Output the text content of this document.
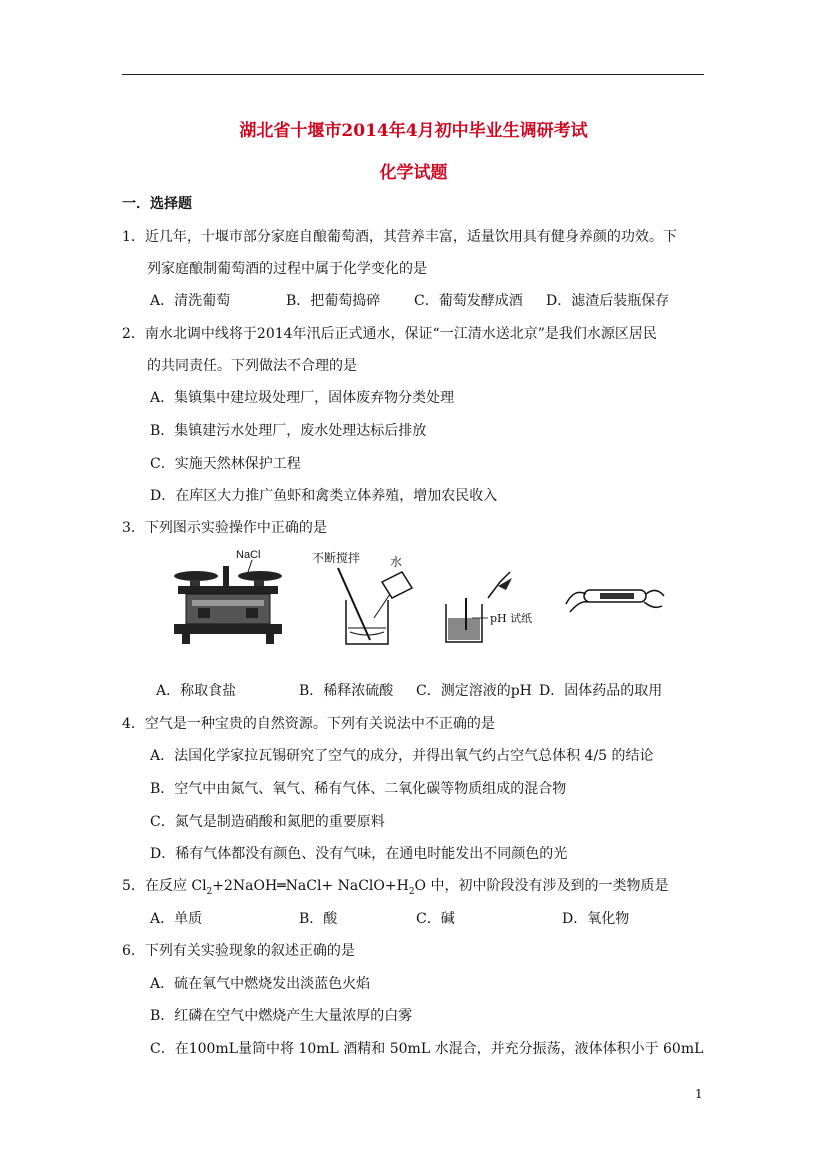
湖北省十堰市2014年4月初中毕业生调研考试
化学试题
一．选择题
1．近几年，十堰市部分家庭自酿葡萄酒，其营养丰富，适量饮用具有健身养颜的功效。下
列家庭酿制葡萄酒的过程中属于化学变化的是
A．清洗葡萄	B．把葡萄捣碎 C．葡萄发酵成酒 D．滤渣后装瓶保存
2．南水北调中线将于2014年汛后正式通水，保证“一江清水送北京”是我们水源区居民
的共同责任。下列做法不合理的是
A．集镇集中建垃圾处理厂，固体废弃物分类处理
B．集镇建污水处理厂，废水处理达标后排放
C．实施天然林保护工程
D．在库区大力推广鱼虾和禽类立体养殖，增加农民收入
3．下列图示实验操作中正确的是
NaCl	不断搅拌 水
pH 试纸
A．称取食盐	B．稀释浓硫酸 C．测定溶液的pH D．固体药品的取用
4．空气是一种宝贵的自然资源。下列有关说法中不正确的是
A．法国化学家拉瓦锡研究了空气的成分，并得出氧气约占空气总体积 4/5 的结论
B．空气中由氮气、氧气、稀有气体、二氧化碳等物质组成的混合物
C．氮气是制造硝酸和氮肥的重要原料
D．稀有气体都没有颜色、没有气味，在通电时能发出不同颜色的光
5．在反应 $Cl_2+2NaOH═NaCl+$ $NaClO+H_2O$ 中，初中阶段没有涉及到的一类物质是
A．单质	B．酸	C．碱	D．氧化物
6．下列有关实验现象的叙述正确的是
A．硫在氧气中燃烧发出淡蓝色火焰
B．红磷在空气中燃烧产生大量浓厚的白雾
C．在100mL量筒中将 10mL 酒精和 50mL 水混合，并充分振荡，液体体积小于 60mL
1
